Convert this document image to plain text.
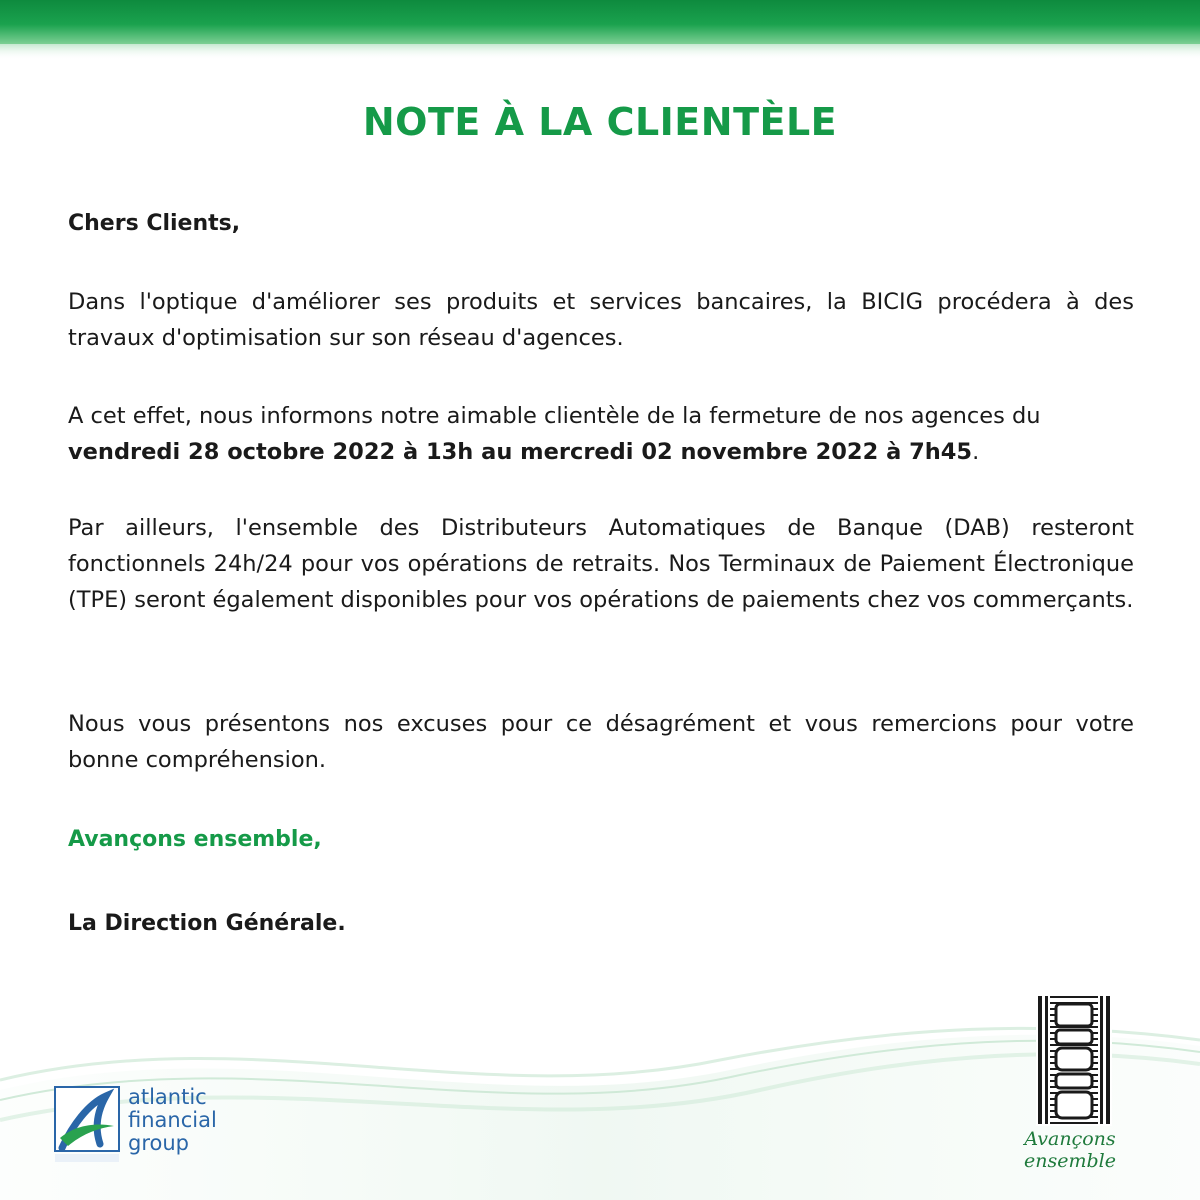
NOTE À LA CLIENTÈLE

Chers Clients,

Dans l'optique d'améliorer ses produits et services bancaires, la BICIG procédera à des travaux d'optimisation sur son réseau d'agences.

A cet effet, nous informons notre aimable clientèle de la fermeture de nos agences du vendredi 28 octobre 2022 à 13h au mercredi 02 novembre 2022 à 7h45.

Par ailleurs, l'ensemble des Distributeurs Automatiques de Banque (DAB) resteront fonctionnels 24h/24 pour vos opérations de retraits. Nos Terminaux de Paiement Électronique (TPE) seront également disponibles pour vos opérations de paiements chez vos commerçants.

Nous vous présentons nos excuses pour ce désagrément et vous remercions pour votre bonne compréhension.

Avançons ensemble,

La Direction Générale.

atlantic
financial
group	Avançons ensemble
